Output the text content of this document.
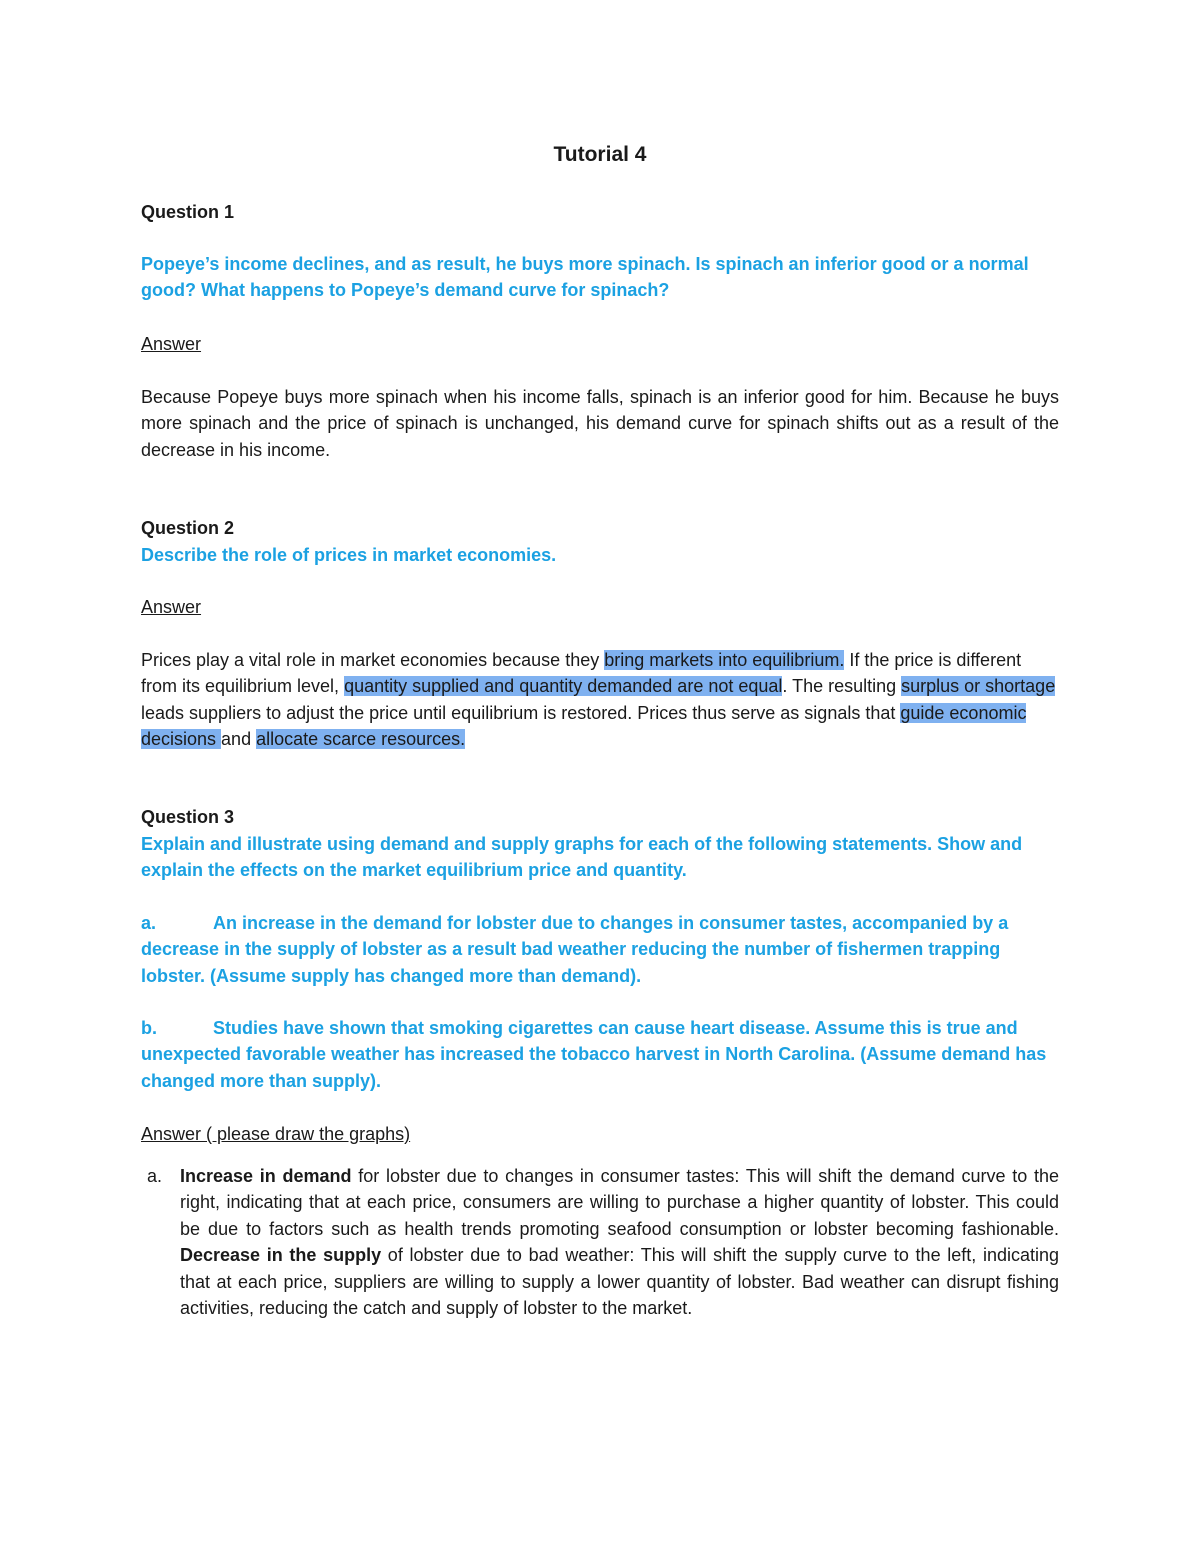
Tutorial 4

Question 1

Popeye’s income declines, and as result, he buys more spinach. Is spinach an inferior good or a normal good? What happens to Popeye’s demand curve for spinach?

Answer

Because Popeye buys more spinach when his income falls, spinach is an inferior good for him. Because he buys more spinach and the price of spinach is unchanged, his demand curve for spinach shifts out as a result of the decrease in his income.

Question 2

Describe the role of prices in market economies.

Answer

Prices play a vital role in market economies because they bring markets into equilibrium. If the price is different from its equilibrium level, quantity supplied and quantity demanded are not equal. The resulting surplus or shortage leads suppliers to adjust the price until equilibrium is restored. Prices thus serve as signals that guide economic decisions and allocate scarce resources.

Question 3

Explain and illustrate using demand and supply graphs for each of the following statements. Show and explain the effects on the market equilibrium price and quantity.

a.	An increase in the demand for lobster due to changes in consumer tastes, accompanied by a decrease in the supply of lobster as a result bad weather reducing the number of fishermen trapping lobster. (Assume supply has changed more than demand).

b.	Studies have shown that smoking cigarettes can cause heart disease. Assume this is true and unexpected favorable weather has increased the tobacco harvest in North Carolina. (Assume demand has changed more than supply).

Answer ( please draw the graphs)

a. Increase in demand for lobster due to changes in consumer tastes: This will shift the demand curve to the right, indicating that at each price, consumers are willing to purchase a higher quantity of lobster. This could be due to factors such as health trends promoting seafood consumption or lobster becoming fashionable. Decrease in the supply of lobster due to bad weather: This will shift the supply curve to the left, indicating that at each price, suppliers are willing to supply a lower quantity of lobster. Bad weather can disrupt fishing activities, reducing the catch and supply of lobster to the market.
